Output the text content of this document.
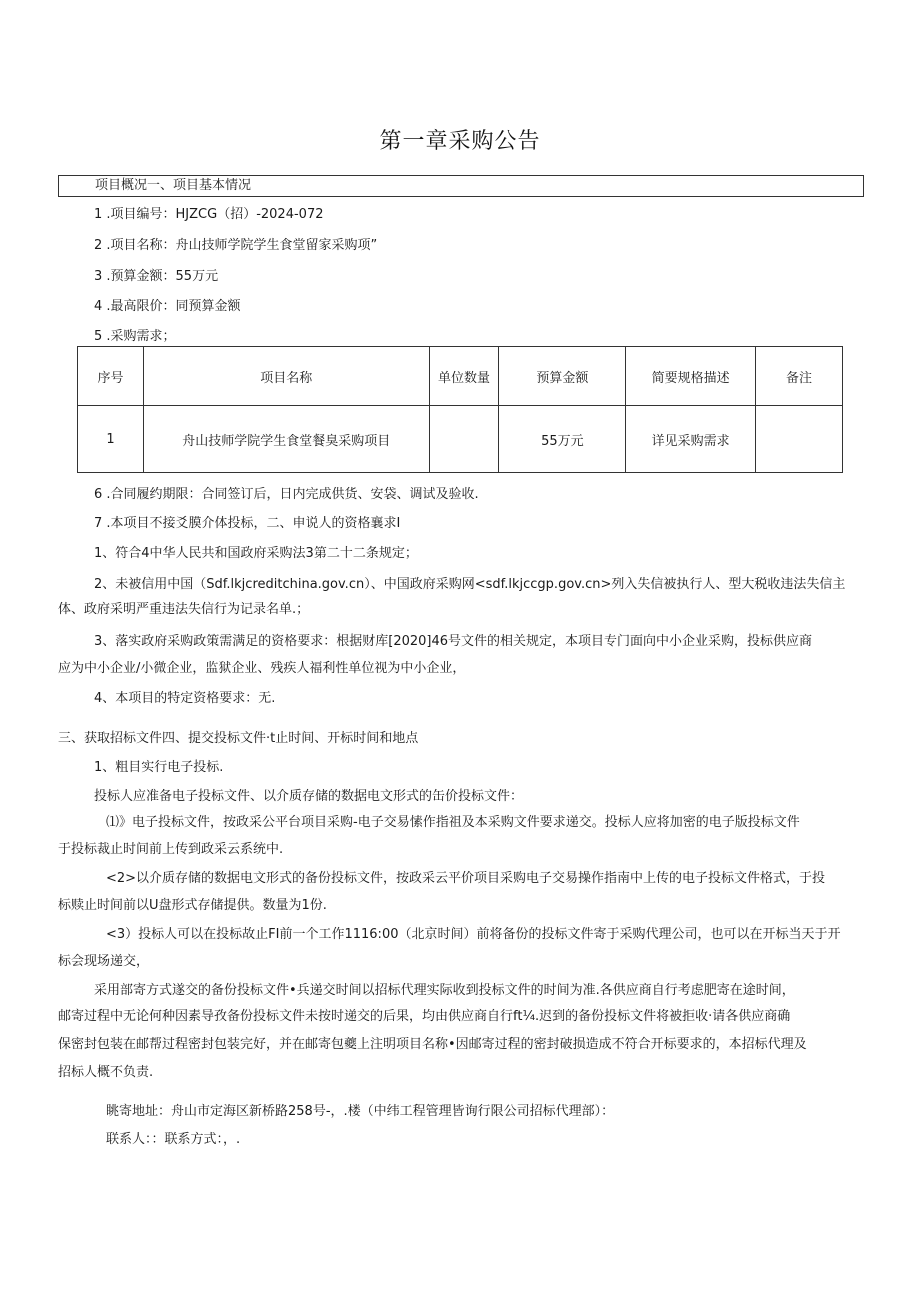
第一章采购公告
项目概况一、项目基本情况
1 .项目编号：HJZCG（招）-2024-072
2 .项目名称：舟山技师学院学生食堂留家采购项”
3 .预算金额：55万元
4 .最高限价：同预算金额
5 .采购需求；
序号	项目名称	单位数量	预算金额	简要规格描述	备注
1	舟山技师学院学生食堂餐臭采购项目		55万元	详见采购需求	
6 .合同履约期限：合同签订后，日内完成供货、安袋、调试及验收.
7 .本项目不接爻膜介体投标，二、申说人的资格襄求I
1、符合4中华人民共和国政府采购法3第二十二条规定；
2、未被信用中国（Sdf.lkjcreditchina.gov.cn）、中国政府采购网<sdf.lkjccgp.gov.cn>列入失信被执行人、型大税收违法失信主
体、政府采明严重违法失信行为记录名单.；
3、落实政府采购政策需满足的资格要求：根据财库[2020]46号文件的相关规定，本项目专门面向中小企业采购，投标供应商
应为中小企业/小微企业，监狱企业、残疾人福利性单位视为中小企业，
4、本项目的特定资格要求：无.
三、获取招标文件四、提交投标文件·t止时间、开标时间和地点
1、粗目实行电子投标.
投标人应准备电子投标文件、以介质存储的数据电文形式的缶价投标文件：
⑴》电子投标文件，按政采公平台项目采购-电子交易愫作指祖及本采购文件要求递交。投标人应将加密的电子版投标文件
于投标裁止时间前上传到政采云系统中.
<2>以介质存储的数据电文形式的备份投标文件，按政采云平价项目采购电子交易操作指南中上传的电子投标文件格式，于投
标赎止时间前以U盘形式存储提供。数量为1份.
<3）投标人可以在投标故止FI前一个工作1116:00（北京时间）前将备份的投标文件寄于采购代理公司，也可以在开标当天于开
标会现场递交，
采用部寄方式遂交的备份投标文件•兵递交时间以招标代理实际收到投标文件的时间为准.各供应商自行考虑肥寄在途时间，
邮寄过程中无论何种因素导孜备份投标文件未按时递交的后果，均由供应商自行ft¼.迟到的备份投标文件将被拒收·请各供应商确
保密封包装在邮帮过程密封包装完好，并在邮寄包夔上注明项目名称•因邮寄过程的密封破损造成不符合开标要求的，本招标代理及
招标人概不负责.
眺寄地址：舟山市定海区新桥路258号-，.楼（中纬工程管理皆询行限公司招标代理部）：
联系人：：联系方式：，.
